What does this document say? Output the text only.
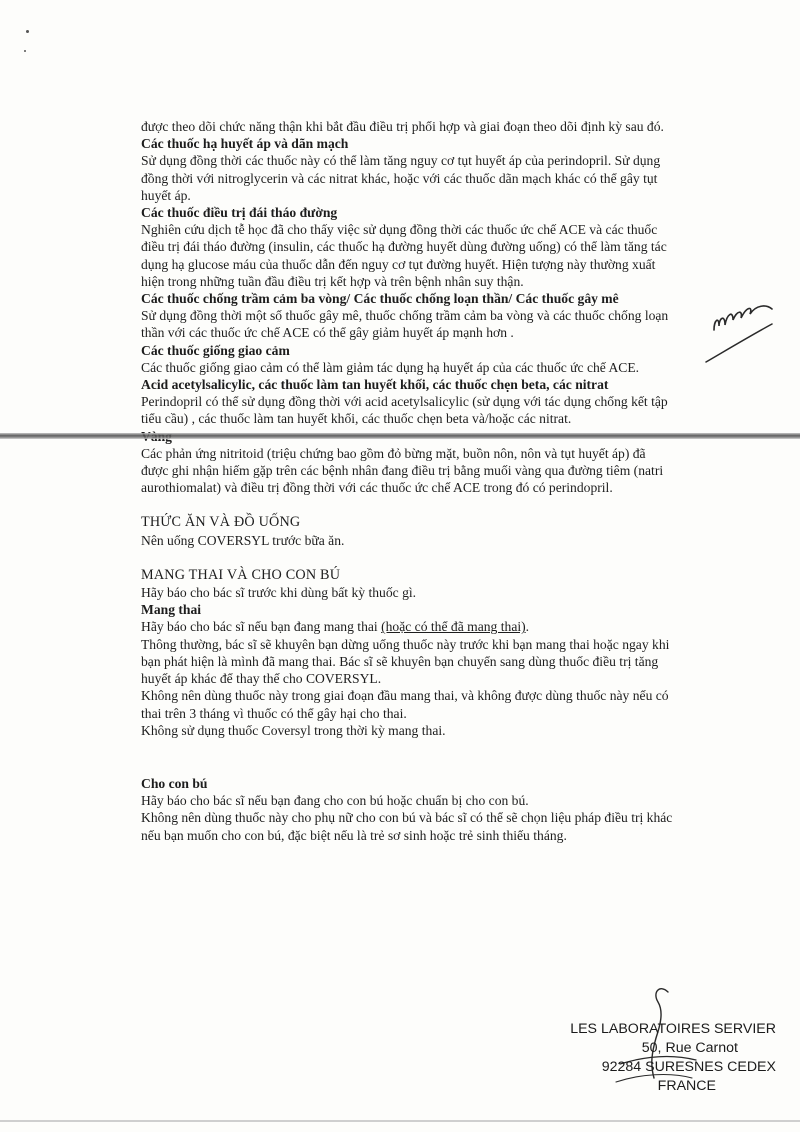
được theo dõi chức năng thận khi bắt đầu điều trị phối hợp và giai đoạn theo dõi định kỳ sau đó.

Các thuốc hạ huyết áp và dãn mạch

Sử dụng đồng thời các thuốc này có thể làm tăng nguy cơ tụt huyết áp của perindopril. Sử dụng đồng thời với nitroglycerin và các nitrat khác, hoặc với các thuốc dãn mạch khác có thể gây tụt huyết áp.

Các thuốc điều trị đái tháo đường

Nghiên cứu dịch tễ học đã cho thấy việc sử dụng đồng thời các thuốc ức chế ACE và các thuốc điều trị đái tháo đường (insulin, các thuốc hạ đường huyết dùng đường uống) có thể làm tăng tác dụng hạ glucose máu của thuốc dẫn đến nguy cơ tụt đường huyết. Hiện tượng này thường xuất hiện trong những tuần đầu điều trị kết hợp và trên bệnh nhân suy thận.

Các thuốc chống trầm cảm ba vòng/ Các thuốc chống loạn thần/ Các thuốc gây mê

Sử dụng đồng thời một số thuốc gây mê, thuốc chống trầm cảm ba vòng và các thuốc chống loạn thần với các thuốc ức chế ACE có thể gây giảm huyết áp mạnh hơn .

Các thuốc giống giao cảm

Các thuốc giống giao cảm có thể làm giảm tác dụng hạ huyết áp của các thuốc ức chế ACE.

Acid acetylsalicylic, các thuốc làm tan huyết khối, các thuốc chẹn beta, các nitrat

Perindopril có thể sử dụng đồng thời với acid acetylsalicylic (sử dụng với tác dụng chống kết tập tiểu cầu) , các thuốc làm tan huyết khối, các thuốc chẹn beta và/hoặc các nitrat.

Các phản ứng nitritoid (triệu chứng bao gồm đỏ bừng mặt, buồn nôn, nôn và tụt huyết áp) đã được ghi nhận hiếm gặp trên các bệnh nhân đang điều trị bằng muối vàng qua đường tiêm (natri aurothiomalat) và điều trị đồng thời với các thuốc ức chế ACE trong đó có perindopril.

THỨC ĂN VÀ ĐỒ UỐNG

Nên uống COVERSYL trước bữa ăn.

MANG THAI VÀ CHO CON BÚ

Hãy báo cho bác sĩ trước khi dùng bất kỳ thuốc gì.

Mang thai

Hãy báo cho bác sĩ nếu bạn đang mang thai (hoặc có thể đã mang thai).

Thông thường, bác sĩ sẽ khuyên bạn dừng uống thuốc này trước khi bạn mang thai hoặc ngay khi bạn phát hiện là mình đã mang thai. Bác sĩ sẽ khuyên bạn chuyển sang dùng thuốc điều trị tăng huyết áp khác để thay thế cho COVERSYL.

Không nên dùng thuốc này trong giai đoạn đầu mang thai, và không được dùng thuốc này nếu có thai trên 3 tháng vì thuốc có thể gây hại cho thai.

Không sử dụng thuốc Coversyl trong thời kỳ mang thai.

Cho con bú

Hãy báo cho bác sĩ nếu bạn đang cho con bú hoặc chuẩn bị cho con bú.

Không nên dùng thuốc này cho phụ nữ cho con bú và bác sĩ có thể sẽ chọn liệu pháp điều trị khác nếu bạn muốn cho con bú, đặc biệt nếu là trẻ sơ sinh hoặc trẻ sinh thiếu tháng.

LES LABORATOIRES SERVIER
50, Rue Carnot
92284 SURESNES CEDEX
FRANCE
